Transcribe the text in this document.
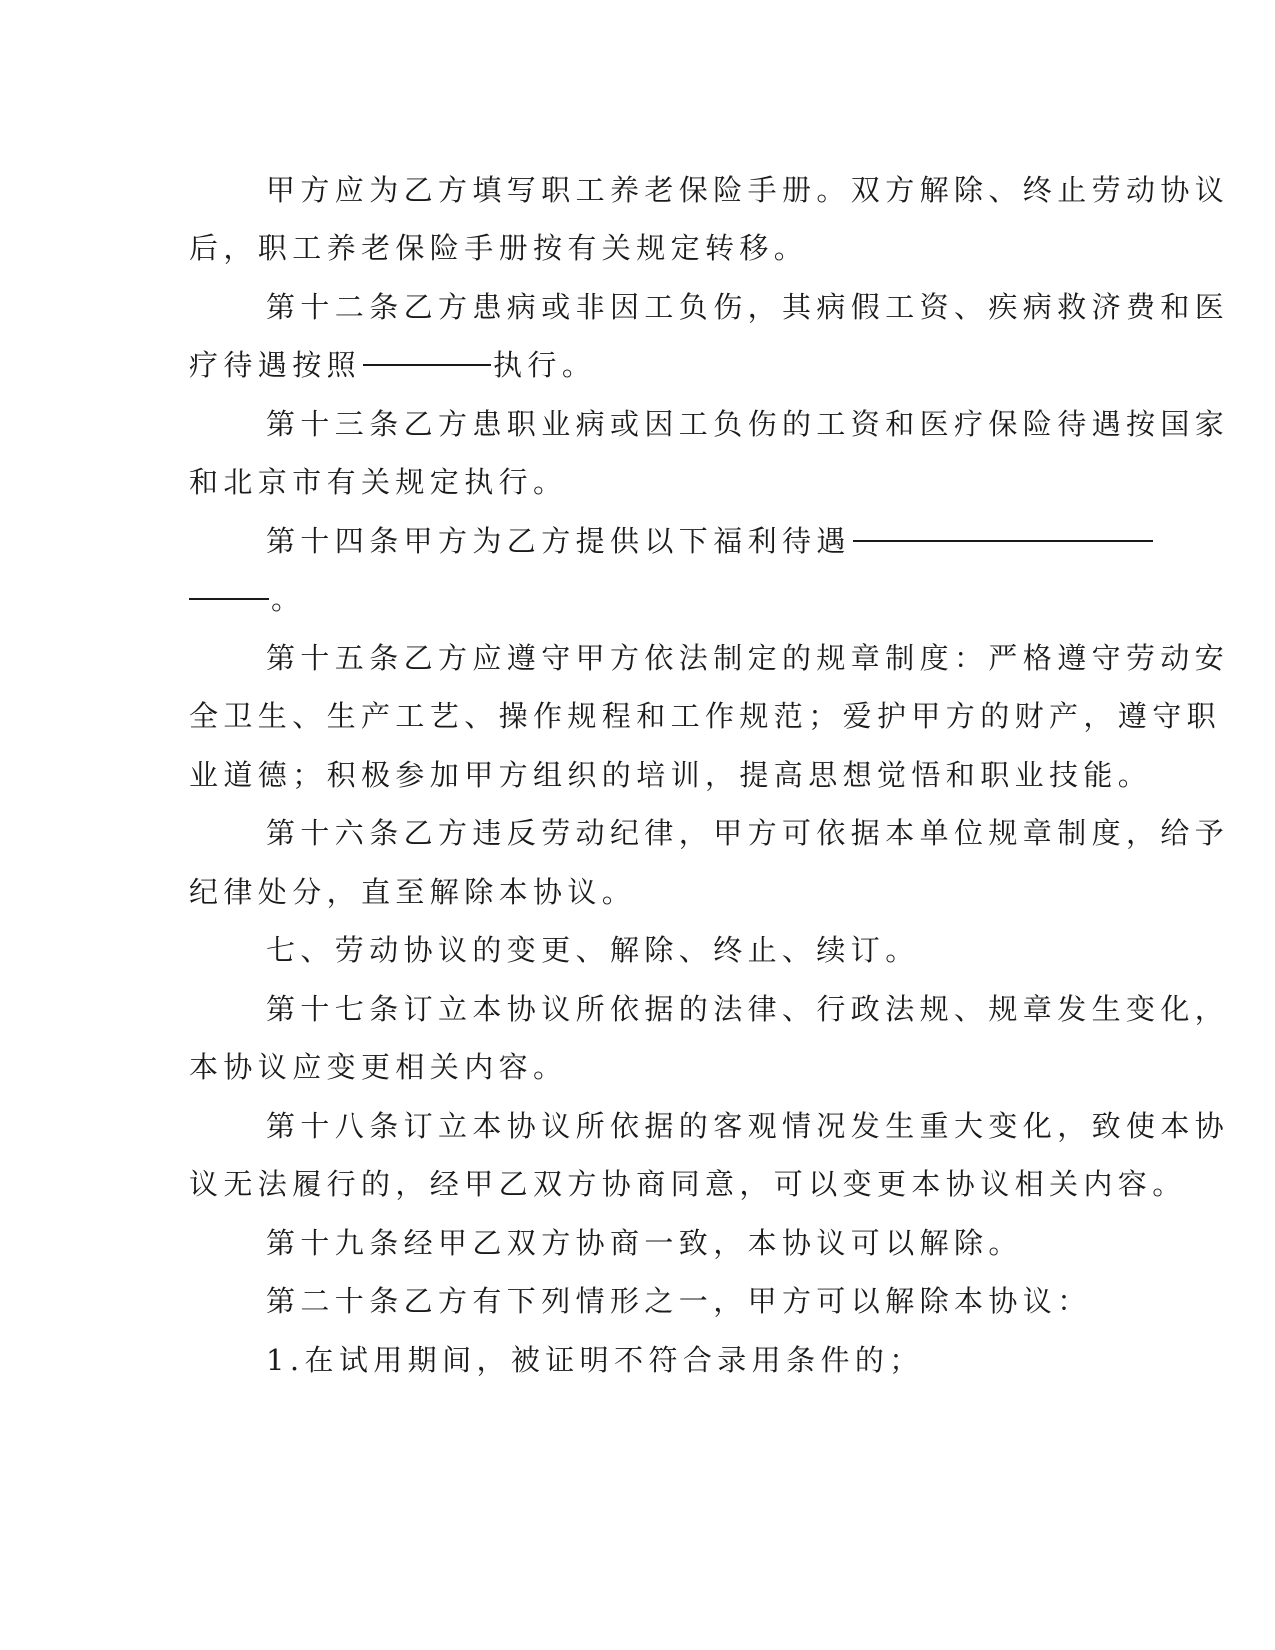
甲方应为乙方填写职工养老保险手册。双方解除、终止劳动协议
后，职工养老保险手册按有关规定转移。
第十二条乙方患病或非因工负伤，其病假工资、疾病救济费和医
疗待遇按照	执行。
第十三条乙方患职业病或因工负伤的工资和医疗保险待遇按国家
和北京市有关规定执行。
第十四条甲方为乙方提供以下福利待遇
。
第十五条乙方应遵守甲方依法制定的规章制度：严格遵守劳动安
全卫生、生产工艺、操作规程和工作规范；爱护甲方的财产，遵守职
业道德；积极参加甲方组织的培训，提高思想觉悟和职业技能。
第十六条乙方违反劳动纪律，甲方可依据本单位规章制度，给予
纪律处分，直至解除本协议。
七、劳动协议的变更、解除、终止、续订。
第十七条订立本协议所依据的法律、行政法规、规章发生变化，
本协议应变更相关内容。
第十八条订立本协议所依据的客观情况发生重大变化，致使本协
议无法履行的，经甲乙双方协商同意，可以变更本协议相关内容。
第十九条经甲乙双方协商一致，本协议可以解除。
第二十条乙方有下列情形之一，甲方可以解除本协议：
1.在试用期间，被证明不符合录用条件的；
